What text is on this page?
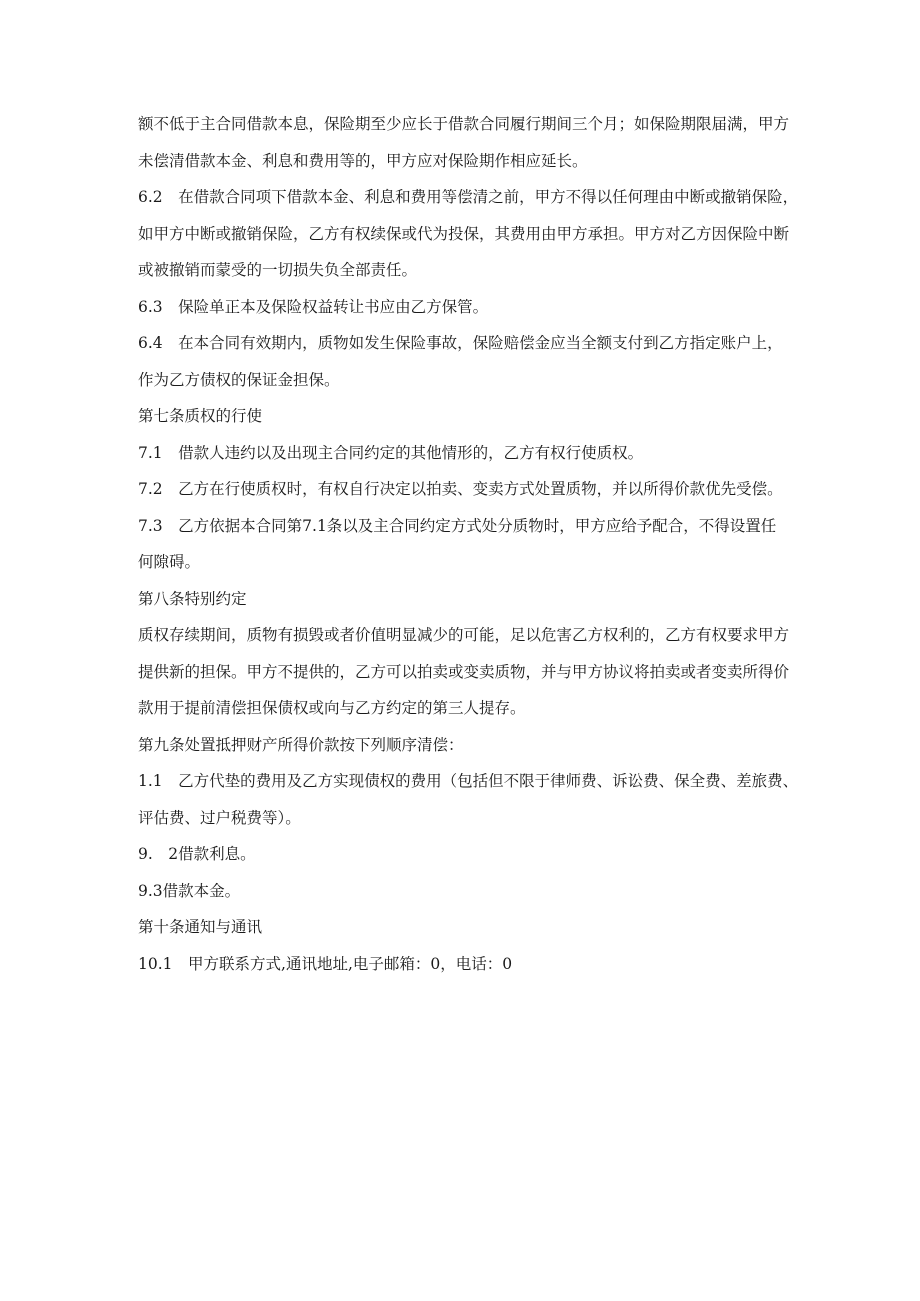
额不低于主合同借款本息，保险期至少应长于借款合同履行期间三个月；如保险期限届满，甲方

未偿清借款本金、利息和费用等的，甲方应对保险期作相应延长。

6.2　在借款合同项下借款本金、利息和费用等偿清之前，甲方不得以任何理由中断或撤销保险，

如甲方中断或撤销保险，乙方有权续保或代为投保，其费用由甲方承担。甲方对乙方因保险中断

或被撤销而蒙受的一切损失负全部责任。

6.3　保险单正本及保险权益转让书应由乙方保管。

6.4　在本合同有效期内，质物如发生保险事故，保险赔偿金应当全额支付到乙方指定账户上，

作为乙方债权的保证金担保。

第七条质权的行使

7.1　借款人违约以及出现主合同约定的其他情形的，乙方有权行使质权。

7.2　乙方在行使质权时，有权自行决定以拍卖、变卖方式处置质物，并以所得价款优先受偿。

7.3　乙方依据本合同第7.1条以及主合同约定方式处分质物时，甲方应给予配合，不得设置任

何隙碍。

第八条特别约定

质权存续期间，质物有损毁或者价值明显减少的可能，足以危害乙方权利的，乙方有权要求甲方

提供新的担保。甲方不提供的，乙方可以拍卖或变卖质物，并与甲方协议将拍卖或者变卖所得价

款用于提前清偿担保债权或向与乙方约定的第三人提存。

第九条处置抵押财产所得价款按下列顺序清偿：

1.1　乙方代垫的费用及乙方实现债权的费用（包括但不限于律师费、诉讼费、保全费、差旅费、

评估费、过户税费等）。

9.　2借款利息。

9.3借款本金。

第十条通知与通讯

10.1　甲方联系方式,通讯地址,电子邮箱：0，电话：0
